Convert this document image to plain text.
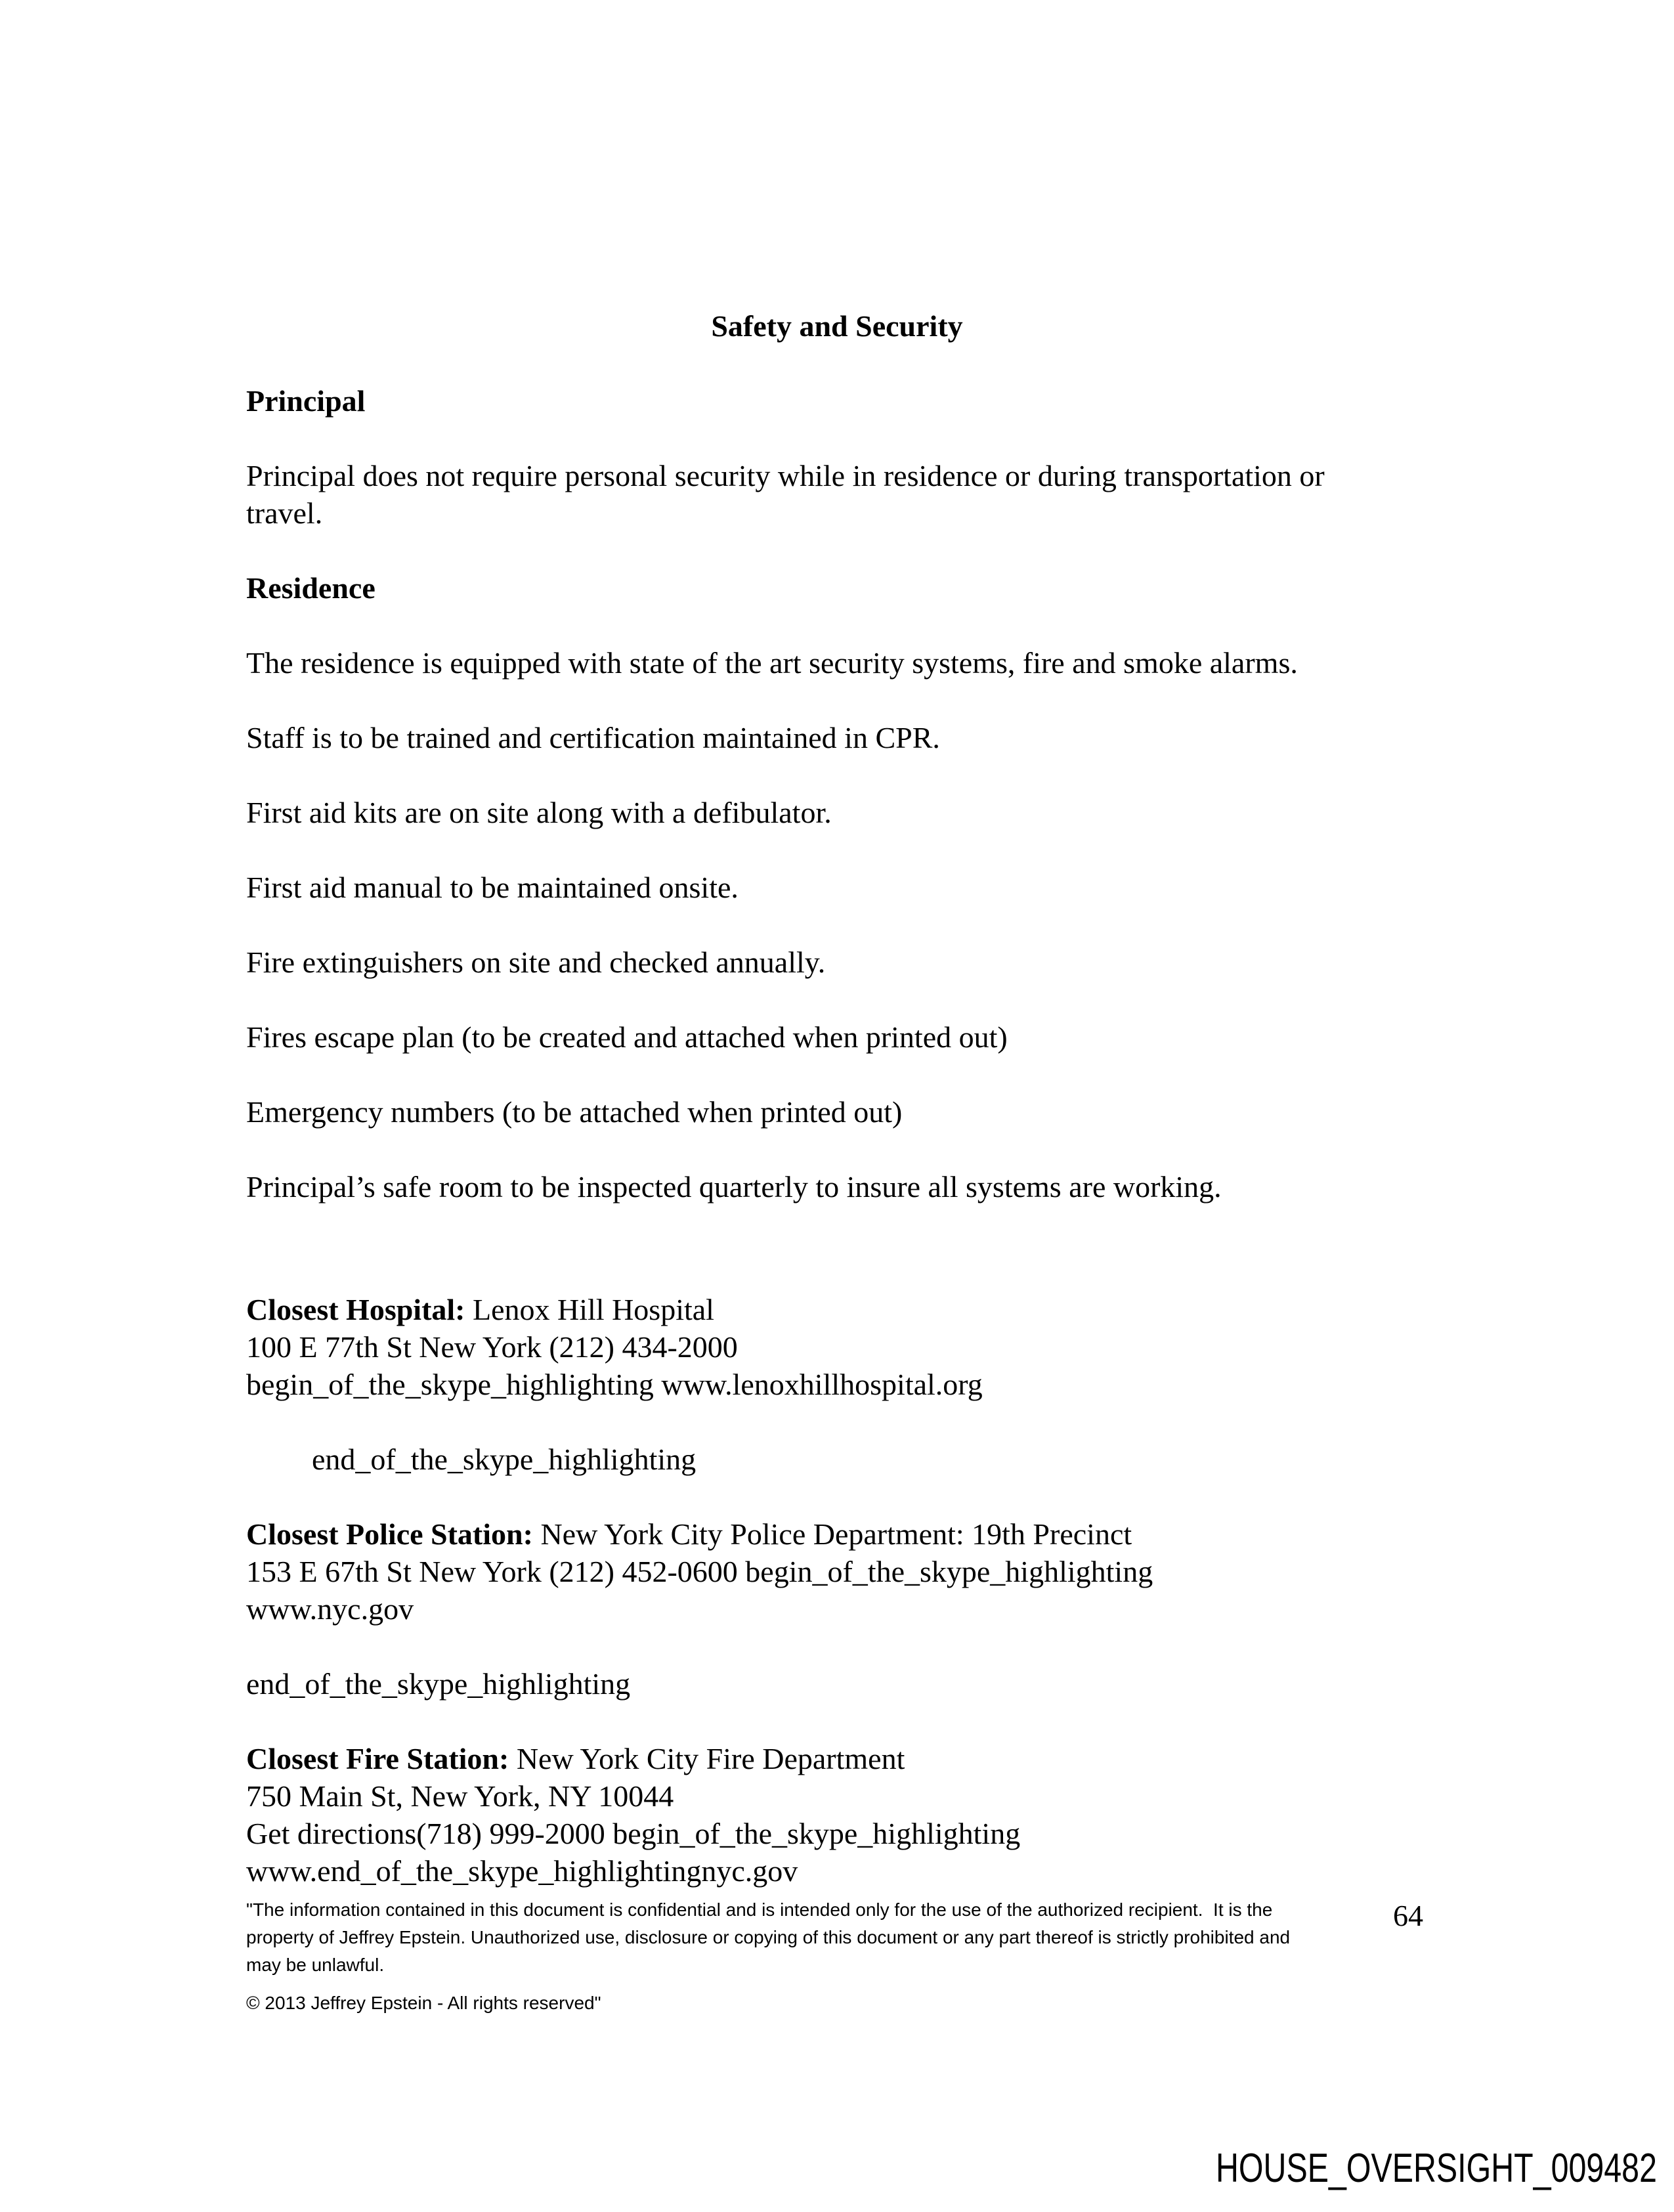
Safety and Security
Principal
Principal does not require personal security while in residence or during transportation or
travel.
Residence
The residence is equipped with state of the art security systems, fire and smoke alarms.
Staff is to be trained and certification maintained in CPR.
First aid kits are on site along with a defibulator.
First aid manual to be maintained onsite.
Fire extinguishers on site and checked annually.
Fires escape plan (to be created and attached when printed out)
Emergency numbers (to be attached when printed out)
Principal’s safe room to be inspected quarterly to insure all systems are working.
Closest Hospital: Lenox Hill Hospital
100 E 77th St New York (212) 434-2000
begin_of_the_skype_highlighting www.lenoxhillhospital.org
end_of_the_skype_highlighting
Closest Police Station: New York City Police Department: 19th Precinct
153 E 67th St New York (212) 452-0600 begin_of_the_skype_highlighting
www.nyc.gov
end_of_the_skype_highlighting
Closest Fire Station: New York City Fire Department
750 Main St, New York, NY 10044
Get directions(718) 999-2000 begin_of_the_skype_highlighting
www.end_of_the_skype_highlightingnyc.gov
"The information contained in this document is confidential and is intended only for the use of the authorized recipient.  It is the
property of Jeffrey Epstein. Unauthorized use, disclosure or copying of this document or any part thereof is strictly prohibited and
may be unlawful.
© 2013 Jeffrey Epstein - All rights reserved"
64
HOUSE_OVERSIGHT_009482
